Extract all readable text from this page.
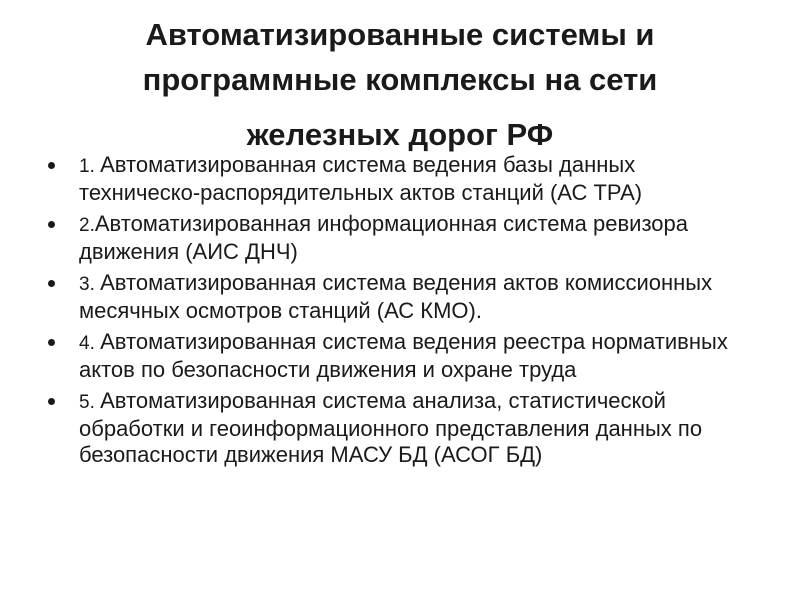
Автоматизированные системы и
программные комплексы на сети
железных дорог РФ
1. Автоматизированная система ведения базы данных техническо-распорядительных актов станций (АС ТРА)
2.Автоматизированная информационная система ревизора движения (АИС ДНЧ)
3. Автоматизированная система ведения актов комиссионных месячных осмотров станций (АС КМО).
4. Автоматизированная система ведения реестра нормативных актов по безопасности движения и охране труда
5. Автоматизированная система анализа, статистической обработки и геоинформационного представления данных по безопасности движения МАСУ БД (АСОГ БД)
